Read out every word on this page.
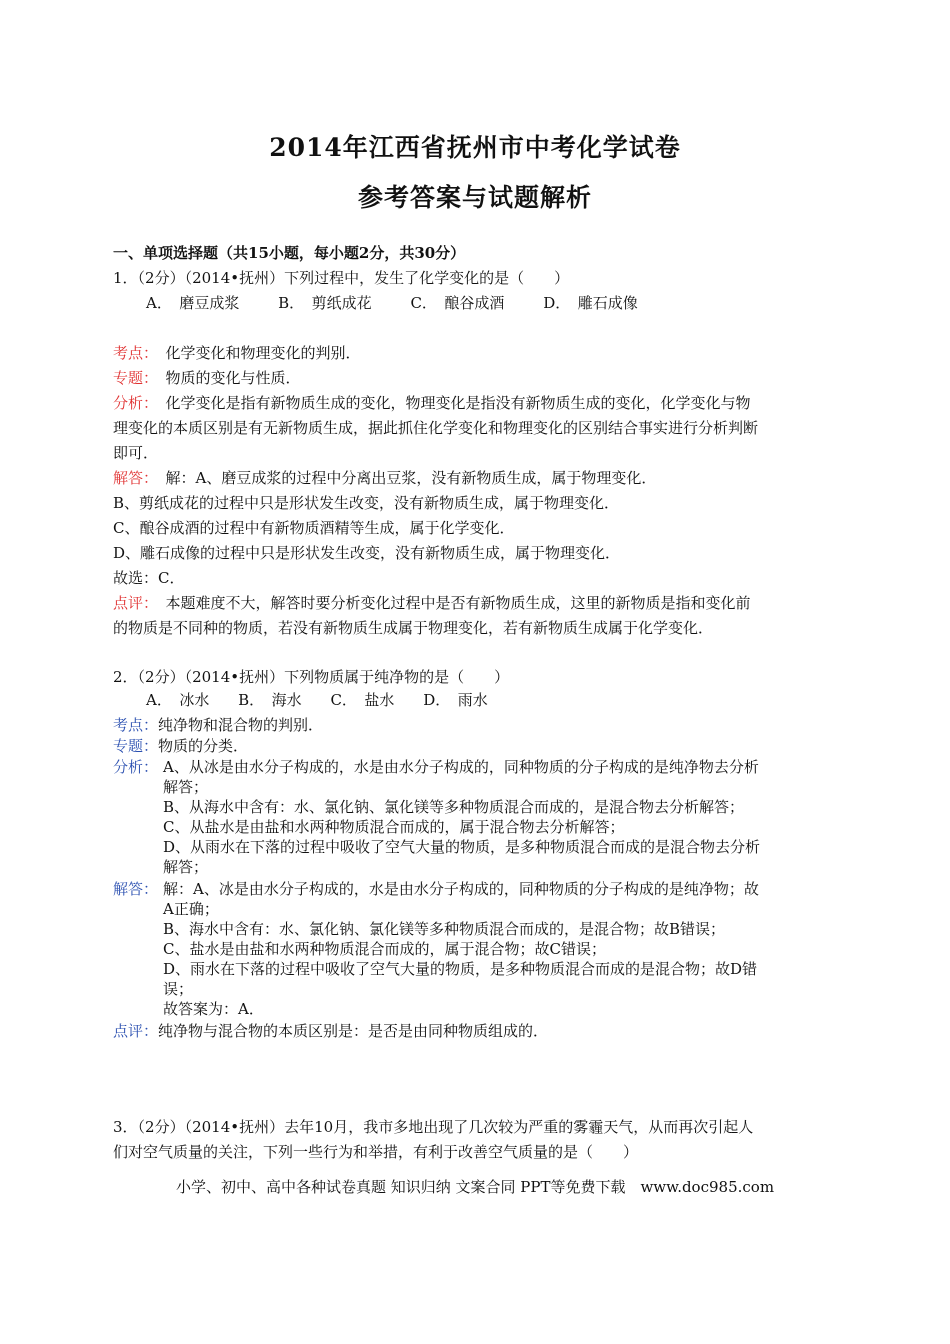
2014年江西省抚州市中考化学试卷
参考答案与试题解析
一、单项选择题（共15小题，每小题2分，共30分）
1．（2分）（2014•抚州）下列过程中，发生了化学变化的是（　　）
A．　磨豆成浆	B．　剪纸成花	C．　酿谷成酒	D．　雕石成像
考点：　 化学变化和物理变化的判别．
专题：　 物质的变化与性质．
分析：　 化学变化是指有新物质生成的变化，物理变化是指没有新物质生成的变化，化学变化与物
理变化的本质区别是有无新物质生成，据此抓住化学变化和物理变化的区别结合事实进行分析判断
即可．
解答：　 解：A、磨豆成浆的过程中分离出豆浆，没有新物质生成，属于物理变化．
B、剪纸成花的过程中只是形状发生改变，没有新物质生成，属于物理变化．
C、酿谷成酒的过程中有新物质酒精等生成，属于化学变化．
D、雕石成像的过程中只是形状发生改变，没有新物质生成，属于物理变化．
故选：C．
点评：　 本题难度不大，解答时要分析变化过程中是否有新物质生成，这里的新物质是指和变化前
的物质是不同种的物质，若没有新物质生成属于物理变化，若有新物质生成属于化学变化．
2．（2分）（2014•抚州）下列物质属于纯净物的是（　　）
A．　冰水 B．　海水 C．　盐水 D．　雨水
考点：纯净物和混合物的判别．
专题：物质的分类．
分析： A、从冰是由水分子构成的，水是由水分子构成的，同种物质的分子构成的是纯净物去分析
解答；
B、从海水中含有：水、氯化钠、氯化镁等多种物质混合而成的，是混合物去分析解答；
C、从盐水是由盐和水两种物质混合而成的，属于混合物去分析解答；
D、从雨水在下落的过程中吸收了空气大量的物质，是多种物质混合而成的是混合物去分析
解答；
解答： 解：A、冰是由水分子构成的，水是由水分子构成的，同种物质的分子构成的是纯净物；故
A正确；
B、海水中含有：水、氯化钠、氯化镁等多种物质混合而成的，是混合物；故B错误；
C、盐水是由盐和水两种物质混合而成的，属于混合物；故C错误；
D、雨水在下落的过程中吸收了空气大量的物质，是多种物质混合而成的是混合物；故D错
误；
故答案为：A．
点评：纯净物与混合物的本质区别是：是否是由同种物质组成的．
3．（2分）（2014•抚州）去年10月，我市多地出现了几次较为严重的雾霾天气，从而再次引起人
们对空气质量的关注，下列一些行为和举措，有利于改善空气质量的是（　　）
小学、初中、高中各种试卷真题 知识归纳 文案合同 PPT等免费下载　www.doc985.com
